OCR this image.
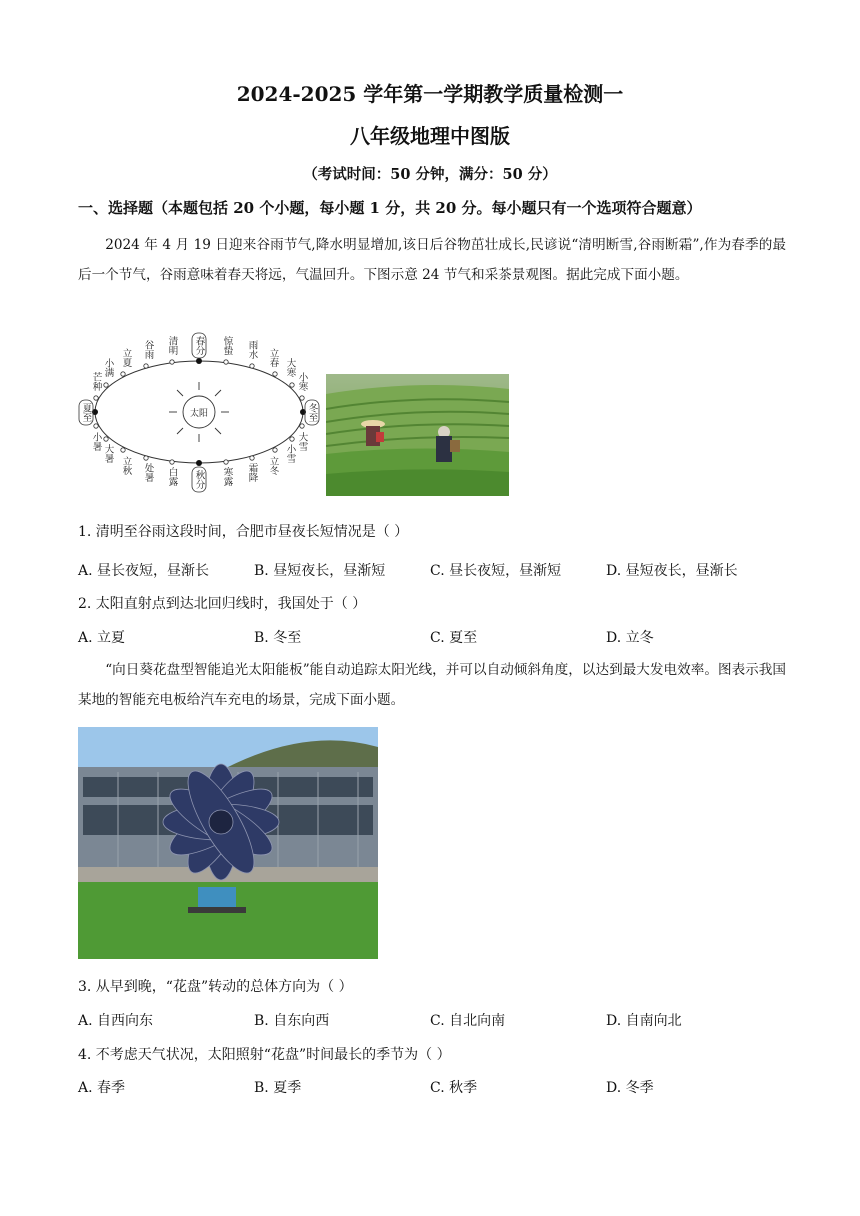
2024-2025 学年第一学期教学质量检测一
八年级地理中图版
（考试时间：50 分钟，满分：50 分）
一、选择题（本题包括 20 个小题，每小题 1 分，共 20 分。每小题只有一个选项符合题意）
2024 年 4 月 19 日迎来谷雨节气,降水明显增加,该日后谷物茁壮成长,民谚说“清明断雪,谷雨断霜”,作为春季的最后一个节气，谷雨意味着春天将远，气温回升。下图示意 24 节气和采茶景观图。据此完成下面小题。
太阳
春分
秋分
夏至	冬至
清明
谷雨
立夏
小满
芒种
惊蛰 雨水 立春
大寒
小寒
小暑
大暑
立秋 处暑 白露	寒露 霜降 立冬
小雪
大雪
1. 清明至谷雨这段时间，合肥市昼夜长短情况是（ ）
A. 昼长夜短，昼渐长	B. 昼短夜长，昼渐短	C. 昼长夜短，昼渐短	D. 昼短夜长，昼渐长
2. 太阳直射点到达北回归线时，我国处于（ ）
A. 立夏	B. 冬至	C. 夏至	D. 立冬
“向日葵花盘型智能追光太阳能板”能自动追踪太阳光线，并可以自动倾斜角度，以达到最大发电效率。图表示我国某地的智能充电板给汽车充电的场景，完成下面小题。
3. 从早到晚，“花盘”转动的总体方向为（ ）
A. 自西向东	B. 自东向西	C. 自北向南	D. 自南向北
4. 不考虑天气状况，太阳照射“花盘”时间最长的季节为（ ）
A. 春季	B. 夏季	C. 秋季	D. 冬季
